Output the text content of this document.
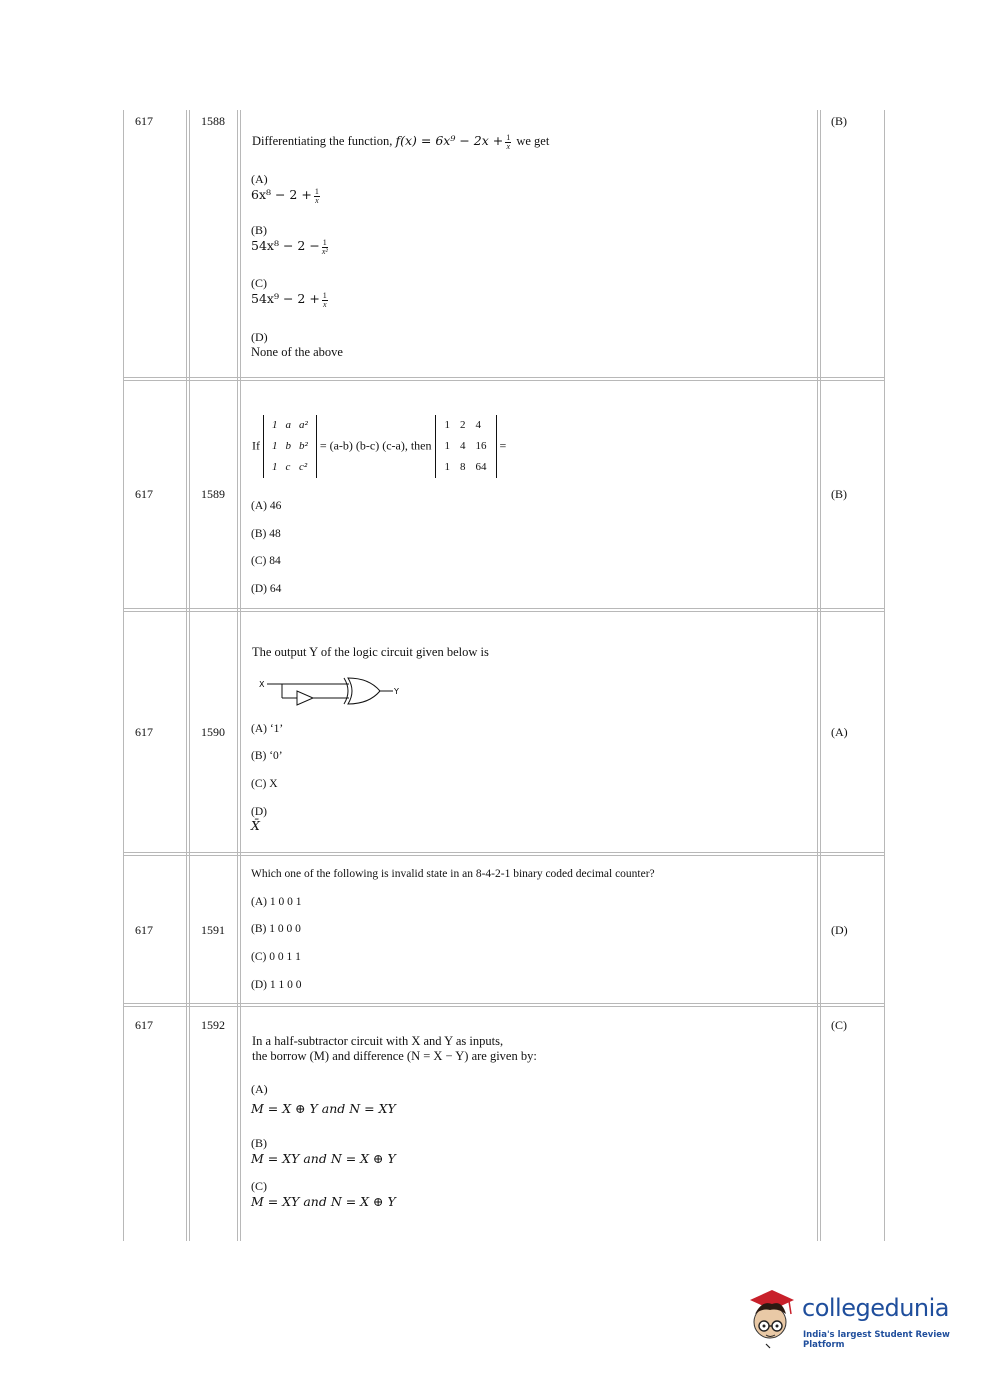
617	1588	(B)
Differentiating the function, $f(x) = 6x^9 - 2x + \frac{1}{x}$ we get
(A)
$6x^8 - 2 + \frac{1}{x}$
(B)
$54x^8 - 2 - \frac{1}{\text{x²}}$
(C)
$54x^9 - 2 + \frac{1}{x}$
(D)
None of the above
617	1589	(B)
If
1	a	a²
1	b	b²
1	c	c²
= (a-b) (b-c) (c-a), then
1	2	4
1	4	16
1	8	64
=
(A) 46
(B) 48
(C) 84
(D) 64
617	1590	(A)
The output Y of the logic circuit given below is
X
Y
(A) ‘1’
(B) ‘0’
(C) X
(D)
X̄
617	1591	(D)
Which one of the following is invalid state in an 8-4-2-1 binary coded decimal counter?
(A) 1 0 0 1
(B) 1 0 0 0
(C) 0 0 1 1
(D) 1 1 0 0
617	1592	(C)
In a half-subtractor circuit with X and Y as inputs,
the borrow (M) and difference (N = X − Y) are given by:
(A)
M = X ⊕ Y and N = XY
(B)
M = XY and N = X ⊕ Y
(C)
M = XY and N = X ⊕ Y
collegedunia
India's largest Student Review Platform
